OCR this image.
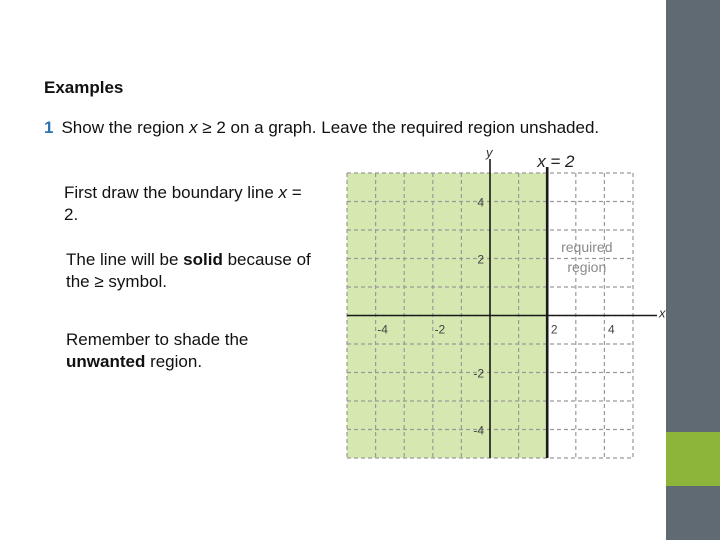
Examples
1 Show the region x ≥ 2 on a graph. Leave the required region unshaded.
First draw the boundary line x = 2.
The line will be solid because of the ≥ symbol.
Remember to shade the unwanted region.
x
y	x = 2
required
region
-4	-2	2	4
4
2
-2
-4
